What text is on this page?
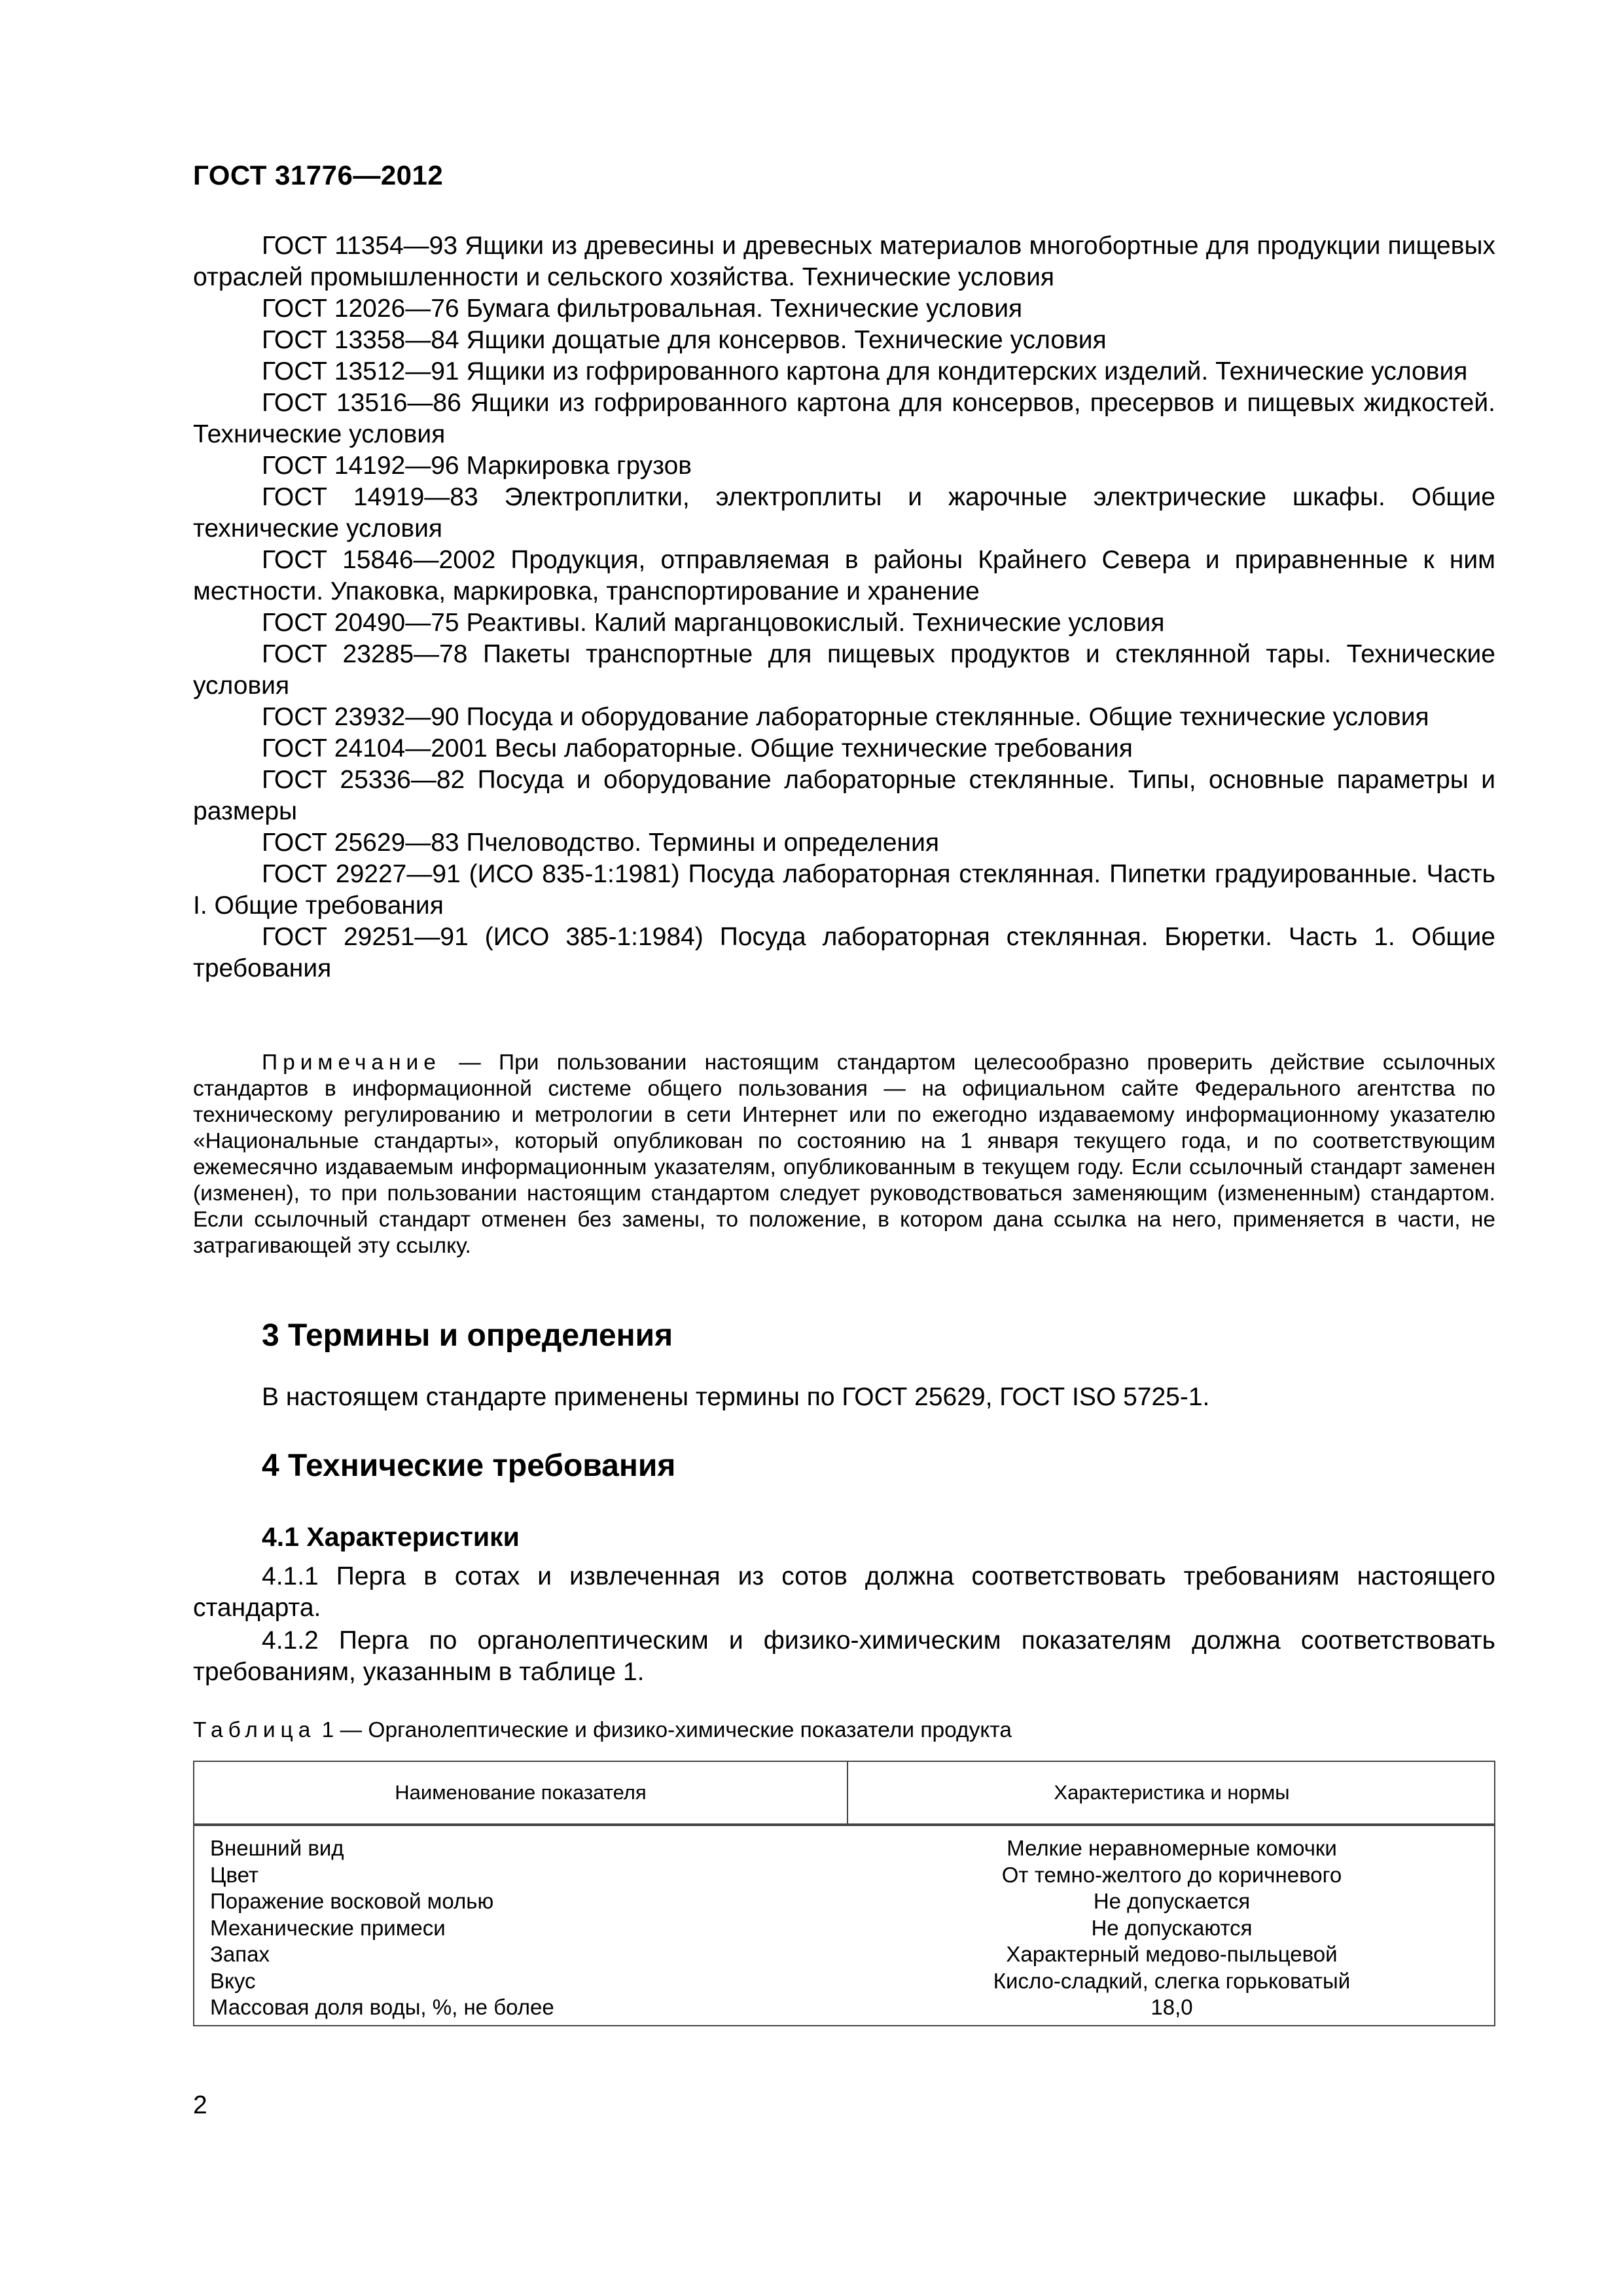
ГОСТ 31776—2012

ГОСТ 11354—93 Ящики из древесины и древесных материалов многобортные для продукции пищевых отраслей промышленности и сельского хозяйства. Технические условия

ГОСТ 12026—76 Бумага фильтровальная. Технические условия

ГОСТ 13358—84 Ящики дощатые для консервов. Технические условия

ГОСТ 13512—91 Ящики из гофрированного картона для кондитерских изделий. Технические условия

ГОСТ 13516—86 Ящики из гофрированного картона для консервов, пресервов и пищевых жидкостей. Технические условия

ГОСТ 14192—96 Маркировка грузов

ГОСТ 14919—83 Электроплитки, электроплиты и жарочные электрические шкафы. Общие технические условия

ГОСТ 15846—2002 Продукция, отправляемая в районы Крайнего Севера и приравненные к ним местности. Упаковка, маркировка, транспортирование и хранение

ГОСТ 20490—75 Реактивы. Калий марганцовокислый. Технические условия

ГОСТ 23285—78 Пакеты транспортные для пищевых продуктов и стеклянной тары. Технические условия

ГОСТ 23932—90 Посуда и оборудование лабораторные стеклянные. Общие технические условия

ГОСТ 24104—2001 Весы лабораторные. Общие технические требования

ГОСТ 25336—82 Посуда и оборудование лабораторные стеклянные. Типы, основные параметры и размеры

ГОСТ 25629—83 Пчеловодство. Термины и определения

ГОСТ 29227—91 (ИСО 835-1:1981) Посуда лабораторная стеклянная. Пипетки градуированные. Часть I. Общие требования

ГОСТ 29251—91 (ИСО 385-1:1984) Посуда лабораторная стеклянная. Бюретки. Часть 1. Общие требования

Примечание — При пользовании настоящим стандартом целесообразно проверить действие ссылочных стандартов в информационной системе общего пользования — на официальном сайте Федерального агентства по техническому регулированию и метрологии в сети Интернет или по ежегодно издаваемому информационному указателю «Национальные стандарты», который опубликован по состоянию на 1 января текущего года, и по соответствующим ежемесячно издаваемым информационным указателям, опубликованным в текущем году. Если ссылочный стандарт заменен (изменен), то при пользовании настоящим стандартом следует руководствоваться заменяющим (измененным) стандартом. Если ссылочный стандарт отменен без замены, то положение, в котором дана ссылка на него, применяется в части, не затрагивающей эту ссылку.

3 Термины и определения

В настоящем стандарте применены термины по ГОСТ 25629, ГОСТ ISO 5725-1.

4 Технические требования
4.1 Характеристики

4.1.1 Перга в сотах и извлеченная из сотов должна соответствовать требованиям настоящего стандарта.

4.1.2 Перга по органолептическим и физико-химическим показателям должна соответствовать требованиям, указанным в таблице 1.

Таблица 1 — Органолептические и физико-химические показатели продукта

Наименование показателя	Характеристика и нормы
Внешний вид
Цвет
Поражение восковой молью
Механические примеси
Запах
Вкус
Массовая доля воды, %, не более
Мелкие неравномерные комочки
От темно-желтого до коричневого
Не допускается
Не допускаются
Характерный медово-пыльцевой
Кисло-сладкий, слегка горьковатый
18,0
2
